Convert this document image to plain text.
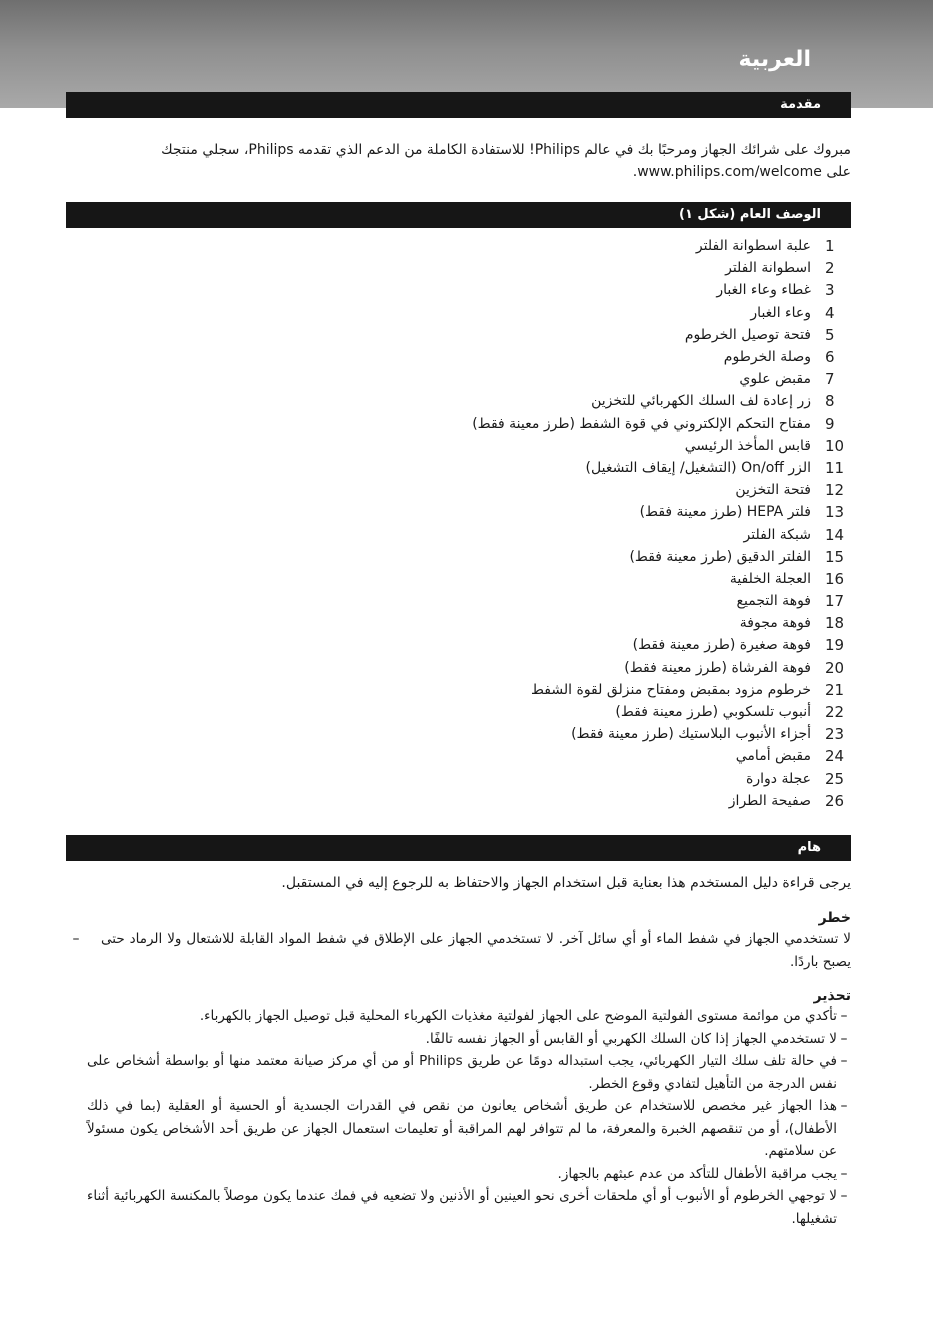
العربية
مقدمة
مبروك على شرائك الجهاز ومرحبًا بك في عالم Philips! للاستفادة الكاملة من الدعم الذي تقدمه Philips، سجلي منتجك على www.philips.com/welcome.
الوصف العام (شكل ١)
علبة اسطوانة الفلتر 1
اسطوانة الفلتر 2
غطاء وعاء الغبار 3
وعاء الغبار 4
فتحة توصيل الخرطوم 5
وصلة الخرطوم 6
مقبض علوي 7
زر إعادة لف السلك الكهربائي للتخزين 8
مفتاح التحكم الإلكتروني في قوة الشفط (طرز معينة فقط) 9
قابس المأخذ الرئيسي 10
الزر On/off (التشغيل/ إيقاف التشغيل) 11
فتحة التخزين 12
فلتر HEPA (طرز معينة فقط) 13
شبكة الفلتر 14
الفلتر الدقيق (طرز معينة فقط) 15
العجلة الخلفية 16
فوهة التجميع 17
فوهة مجوفة 18
فوهة صغيرة (طرز معينة فقط) 19
فوهة الفرشاة (طرز معينة فقط) 20
خرطوم مزود بمقبض ومفتاح منزلق لقوة الشفط 21
أنبوب تلسكوبي (طرز معينة فقط) 22
أجزاء الأنبوب البلاستيك (طرز معينة فقط) 23
مقبض أمامي 24
عجلة دوارة 25
صفيحة الطراز 26
هام
يرجى قراءة دليل المستخدم هذا بعناية قبل استخدام الجهاز والاحتفاظ به للرجوع إليه في المستقبل.
خطر
لا تستخدمي الجهاز في شفط الماء أو أي سائل آخر. لا تستخدمي الجهاز على الإطلاق في شفط المواد القابلة للاشتعال ولا الرماد حتى يصبح باردًا.
–
تحذير
–
تأكدي من موائمة مستوى الفولتية الموضح على الجهاز لفولتية مغذيات الكهرباء المحلية قبل توصيل الجهاز بالكهرباء.
–
لا تستخدمي الجهاز إذا كان السلك الكهربي أو القابس أو الجهاز نفسه تالفًا.
–
في حالة تلف سلك التيار الكهربائي، يجب استبداله دومًا عن طريق Philips أو من أي مركز صيانة معتمد منها أو بواسطة أشخاص على نفس الدرجة من التأهيل لتفادي وقوع الخطر.
–
هذا الجهاز غير مخصص للاستخدام عن طريق أشخاص يعانون من نقص في القدرات الجسدية أو الحسية أو العقلية (بما في ذلك الأطفال)، أو من تنقصهم الخبرة والمعرفة، ما لم تتوافر لهم المراقبة أو تعليمات استعمال الجهاز عن طريق أحد الأشخاص يكون مسئولاً عن سلامتهم.
–
يجب مراقبة الأطفال للتأكد من عدم عبثهم بالجهاز.
–
لا توجهي الخرطوم أو الأنبوب أو أي ملحقات أخرى نحو العينين أو الأذنين ولا تضعيه في فمك عندما يكون موصلاً بالمكنسة الكهربائية أثناء تشغيلها.
